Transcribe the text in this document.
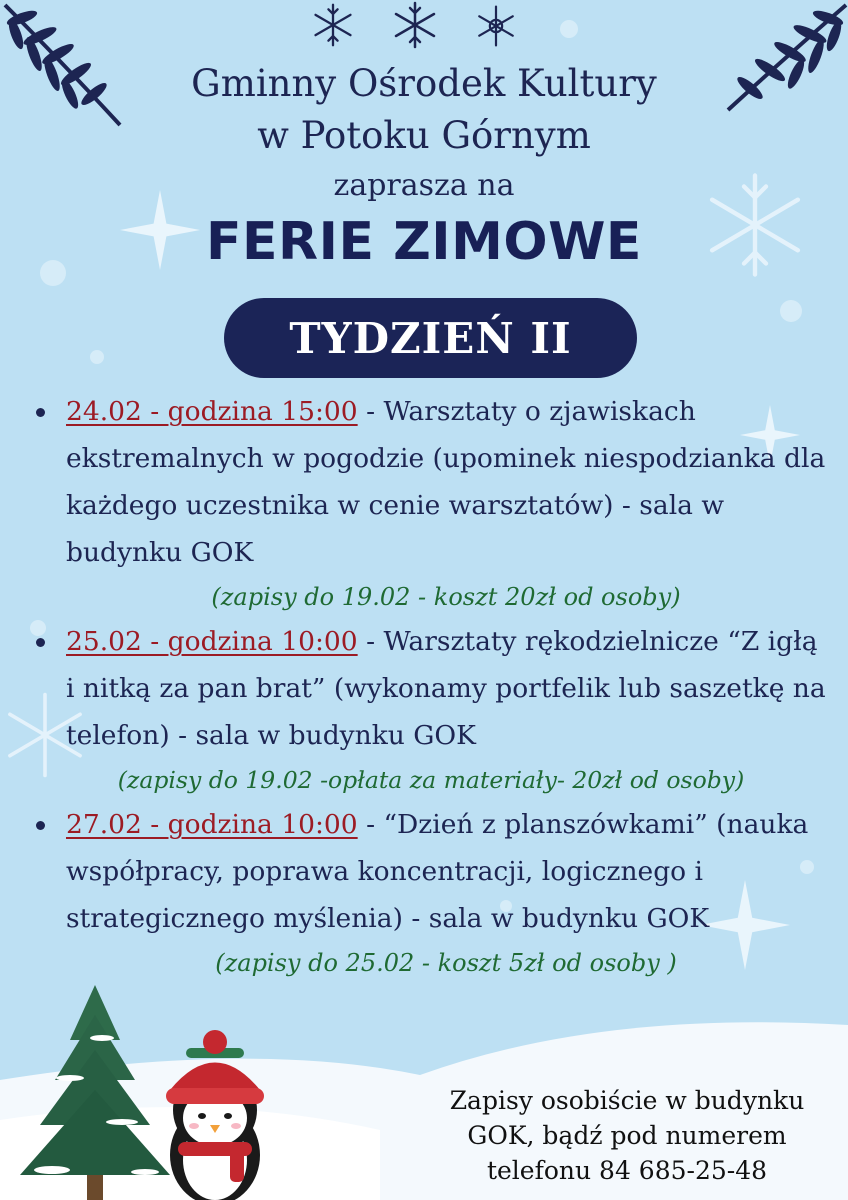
Gminny Ośrodek Kultury
w Potoku Górnym
zaprasza na
FERIE ZIMOWE
TYDZIEŃ II
24.02 - godzina 15:00 - Warsztaty o zjawiskach ekstremalnych w pogodzie (upominek niespodzianka dla każdego uczestnika w cenie warsztatów) - sala w budynku GOK
(zapisy do 19.02 - koszt 20zł od osoby)
25.02 - godzina 10:00 - Warsztaty rękodzielnicze “Z igłą i nitką za pan brat” (wykonamy portfelik lub saszetkę na telefon) - sala w budynku GOK
(zapisy do 19.02 -opłata za materiały- 20zł od osoby)
27.02 - godzina 10:00 - “Dzień z planszówkami” (nauka współpracy, poprawa koncentracji, logicznego i strategicznego myślenia) - sala w budynku GOK
(zapisy do 25.02 - koszt 5zł od osoby )
Zapisy osobiście w budynku
GOK, bądź pod numerem
telefonu 84 685-25-48
